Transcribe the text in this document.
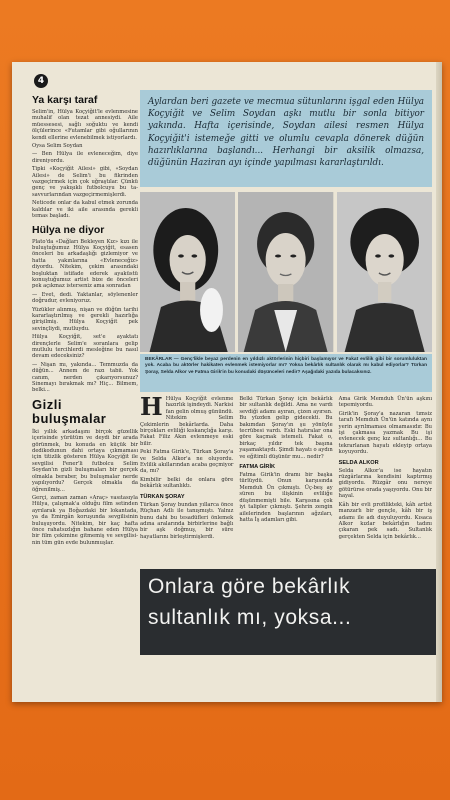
4
Ya karşı taraf

Selim'in, Hülya Koçyiğit'le evlenmesine muhalif olan tezat annesiydi. Aile müessesesi, sağlı soğuktu ve kendi ölçülerince «Futamlar gibi oğullarının kendi ellerine evlenebilmek istiyorlardı.

Oysa Selim Soydan

— Ben Hülya ile evleneceğim, diye direniyordu.

Tipki «Koçyiğit Ailesi» gibi, «Soydan Ailesi» de Selim'i bu fikrinden vazgeçirmek için çok uğraştılar. Çünkü genç ve yakışıklı futbolcuyu bu tasavvurlarından vazgeçirmemişlerdi.

Neticede onlar da kabul etmek zorunda kaldılar ve iki aile arasında gerekli temas başladı.

Hülya ne diyor

Plato'da «Dağları Bekleyen Kız» kızı ile buluştuğumuz Hülya Koçyiğit, esasen önceleri bu arkadaşlığı gizlemiyor ve hatta yakınlarına «Evleneceğiz» diyordu. Nitekim, çekim arasındaki boşluktan istifade ederek ayaküstü konuştuğumuz artist bize de önceleri pek açıkmaz isterseniz ama sonradan

— Evet, dedi. Yaktanlar, söylenenler doğrudur, evleniyoruz.

Yüzükler alınmış, nişan ve düğün tarihi kararlaştırılmış ve gerekli hazırlığa girişilmiş. Hülya Koçyiğit pek sevinçliydi, mutluydu.

Hülya Koçyiğit, set'e ayaktatı dirençlerle Selim'e soranlara gelip mutlulu tercihlerdi mesleğine bu nasıl devam edeceksiniz?

— Nişan mı, yakında... Temmuzda da düğün... Annem de razı tabii. Yok canım, nerden çıkarıyorsunuz? Sinemayı bırakmak mı? Hiç... Bilmem, belki...

Gizli buluşmalar

İki yıllık arkadaşını birçok güzellik içerisinde yürütüm ve deydi bir arada görünmek, bu konuda en küçük bir dedikodunun dahi ortaya çıkmaması için titizlik gösteren Hülya Koçyiğit ile sevgilisi Fener'li futbolcu Selim Soydan'ın gizli buluşmaları bir gerçek olmakla beraber, bu buluşmalar nerde yapılıyordu? Gerçek olmakla da öğrenilmiş...

Gerçi, zaman zaman «Araç» vasıtasıyla Hülya, çalışmak'a olduğu film setinden ayrılarak ya Boğazdaki bir lokantada, ya da Emirgân koruşunda sevgilisinin buluşuyordu. Nitekim, bir kaç hafta önce rahatsızlığın bahane eden Hülya bir film çekimine gitmemiş ve sevgilisinin tüm gün evde bulunmuşlar.

Aylardan beri gazete ve mecmua sütunlarını işgal eden Hülya Koçyiğit ve Selim Soydan aşkı mutlu bir sonla bitiyor yakında. Hafta içerisinde, Soydan ailesi resmen Hülya Koçyiğit'i istemeğe gitti ve olumlu cevapla dönerek düğün hazırlıklarına başlandı... Herhangi bir aksilik olmazsa, düğünün Haziran ayı içinde yapılması kararlaştırıldı.
BEKÂRLAR — Genç'likle beyaz perdenin en yıldızlı aktörlerinin hiçbiri başlamıyor ve Fakat evlilik gibi bir sorumluluktan yok. Acaba bu aktörler hakikaten evlenmek istemiyorlar mı? Yoksa bekârlık sultanlık olarak mı kabul ediyorlar? Türkan Şoray, Selda Alkor ve Fatma Girik'in bu konudaki düşünceleri nedir? Aşağıdaki yazıda bulacaksınız.

H Hülya Koçyiğit evlenme hazırlık işindeydi. Narkisi fan gelin olmuş günündü. Nitekim Selim Çekimlerin bekârlarda. Daha birçokları evliliği kıskançlığa karşı. Fakat Filiz Akın evlenmeye eski bilir.

Peki Fatma Girik'e, Türkan Şoray'a ve Selda Alkor'a ne oluyordu. Evlilik akıllarından acaba geçmiyor da, mı?

Kimbilir belki de onlara göre bekârlık sultanlıktı.

TÜRKAN ŞORAY

Türkan Şoray bundan yıllarca önce Rüçhan Adlı ile tanışmıştı. Yalnız bunu dahi bu tesadüfleri önlemek adına aralarında birbirlerine bağlı bir aşk doğmuş, bir süre hayatlarını birleştirmişlerdi.

Belki Türkan Şoray için bekârlık bir sultanlık değildi. Ama ne vardı sevdiği adamı ayıran, çizen ayırsın. Bu yüzden gelip gidecekti. Bu bakımdan Şoray'ın şu yönüyle tecrübesi vardı. Eski hatıralar ona göre kaçmak istemeli. Fakat o, birkaç yıldır tek başına yaşamaktaydı. Şimdi hayatı o aydın ve eğitimli düşünür mu... nedir?

FATMA GİRİK

Fatma Girik'in dramı bir başka türlüydü. Onun karşısında Memduh Ün çıkmıştı. Üç-beş ay süren bu ilişkinin evliliğe düşünmemişti bile. Karşısına çok iyi talipler çıkmıştı. Şehrin zengin ailelerinden başlarının ağzıları, hatta İş adamları gibi.

Ama Girik Memduh Ün'ün aşkını tepemiyordu.

Girik'in Şoray'a nazaran tımsiz tarafı Memduh Ün'ün katında aynı yerin ayrılmaması olmamasıdır. Bu işi çakmasa yazmak Bu işi evlenecek genç kız sultanlığı... Bu tekrarlanan hayatı ekleyip ortaya koyuyordu.

SELDA ALKOR

Selda Alkor'a ise hayatın rüzgârlarına kendisini kaptırmış gidiyordu. Rüzgâr onu nereye götürürse orada yaşıyordu. Onu bir hayal.

Kâh bir evli profilikteki, kâh artist manzarlı bir gençle, kâh bir iş adamı ile adı duyuluyordu. Kısaca Alkor kızlar bekârlığın tadını çıkaran pek sadı. Sultanlık gerçekten Selda için bekârlık...

Onlara göre bekârlık
sultanlık mı, yoksa...
